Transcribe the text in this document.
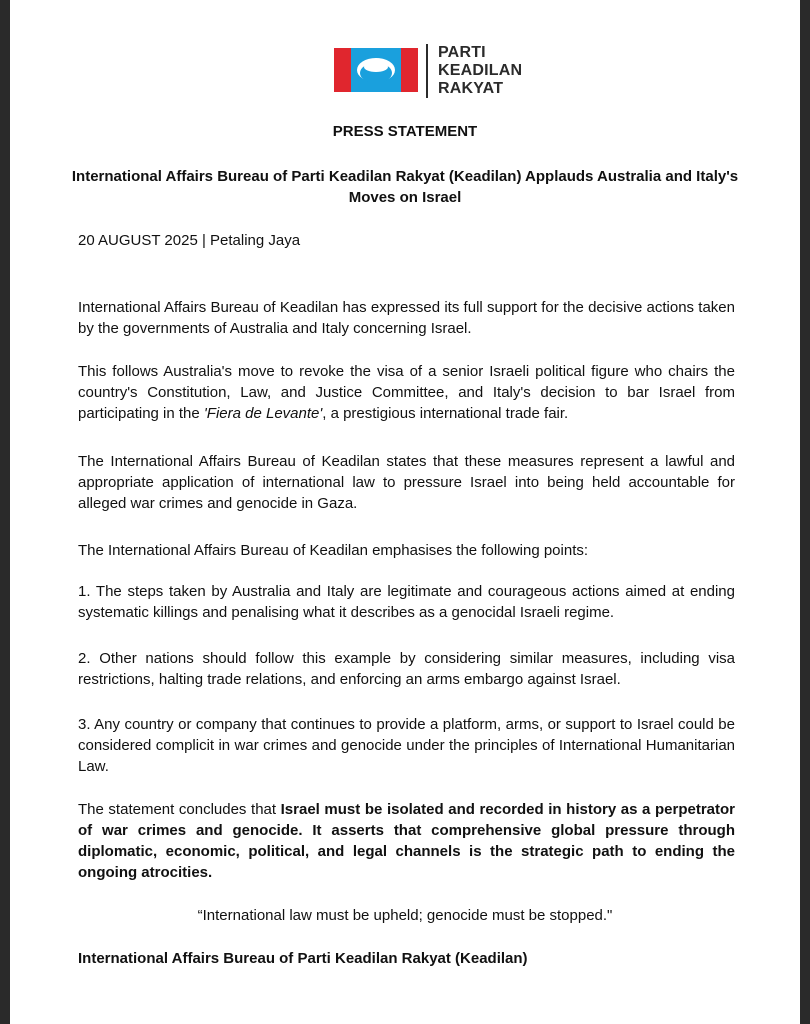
PARTI
KEADILAN
RAKYAT
PRESS STATEMENT
International Affairs Bureau of Parti Keadilan Rakyat (Keadilan) Applauds Australia and Italy's Moves on Israel
20 AUGUST 2025 | Petaling Jaya
International Affairs Bureau of Keadilan has expressed its full support for the decisive actions taken by the governments of Australia and Italy concerning Israel.
This follows Australia's move to revoke the visa of a senior Israeli political figure who chairs the country's Constitution, Law, and Justice Committee, and Italy's decision to bar Israel from participating in the 'Fiera de Levante', a prestigious international trade fair.
The International Affairs Bureau of Keadilan states that these measures represent a lawful and appropriate application of international law to pressure Israel into being held accountable for alleged war crimes and genocide in Gaza.
The International Affairs Bureau of Keadilan emphasises the following points:
1. The steps taken by Australia and Italy are legitimate and courageous actions aimed at ending systematic killings and penalising what it describes as a genocidal Israeli regime.
2. Other nations should follow this example by considering similar measures, including visa restrictions, halting trade relations, and enforcing an arms embargo against Israel.
3. Any country or company that continues to provide a platform, arms, or support to Israel could be considered complicit in war crimes and genocide under the principles of International Humanitarian Law.
The statement concludes that Israel must be isolated and recorded in history as a perpetrator of war crimes and genocide. It asserts that comprehensive global pressure through diplomatic, economic, political, and legal channels is the strategic path to ending the ongoing atrocities.
“International law must be upheld; genocide must be stopped."
International Affairs Bureau of Parti Keadilan Rakyat (Keadilan)
